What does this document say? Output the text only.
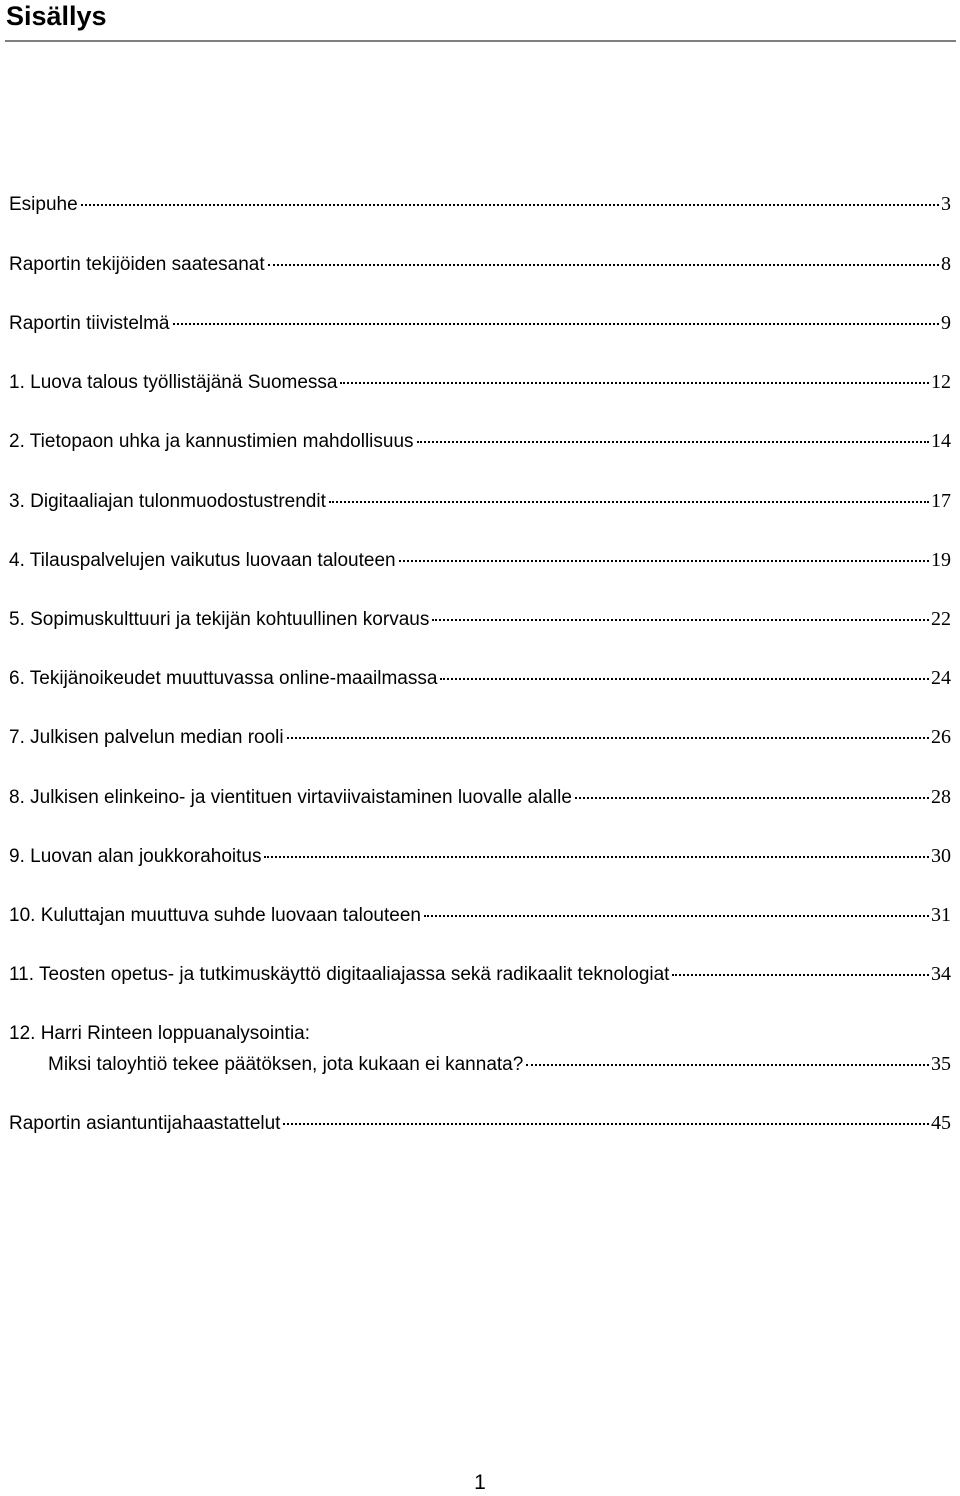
Sisällys
Esipuhe	3
Raportin tekijöiden saatesanat	8
Raportin tiivistelmä	9
1. Luova talous työllistäjänä Suomessa	12
2. Tietopaon uhka ja kannustimien mahdollisuus	14
3. Digitaaliajan tulonmuodostustrendit	17
4. Tilauspalvelujen vaikutus luovaan talouteen	19
5. Sopimuskulttuuri ja tekijän kohtuullinen korvaus	22
6. Tekijänoikeudet muuttuvassa online-maailmassa	24
7. Julkisen palvelun median rooli	26
8. Julkisen elinkeino- ja vientituen virtaviivaistaminen luovalle alalle	28
9. Luovan alan joukkorahoitus	30
10. Kuluttajan muuttuva suhde luovaan talouteen	31
11. Teosten opetus- ja tutkimuskäyttö digitaaliajassa sekä radikaalit teknologiat	34
12. Harri Rinteen loppuanalysointia:
Miksi taloyhtiö tekee päätöksen, jota kukaan ei kannata?	35
Raportin asiantuntijahaastattelut	45
1
